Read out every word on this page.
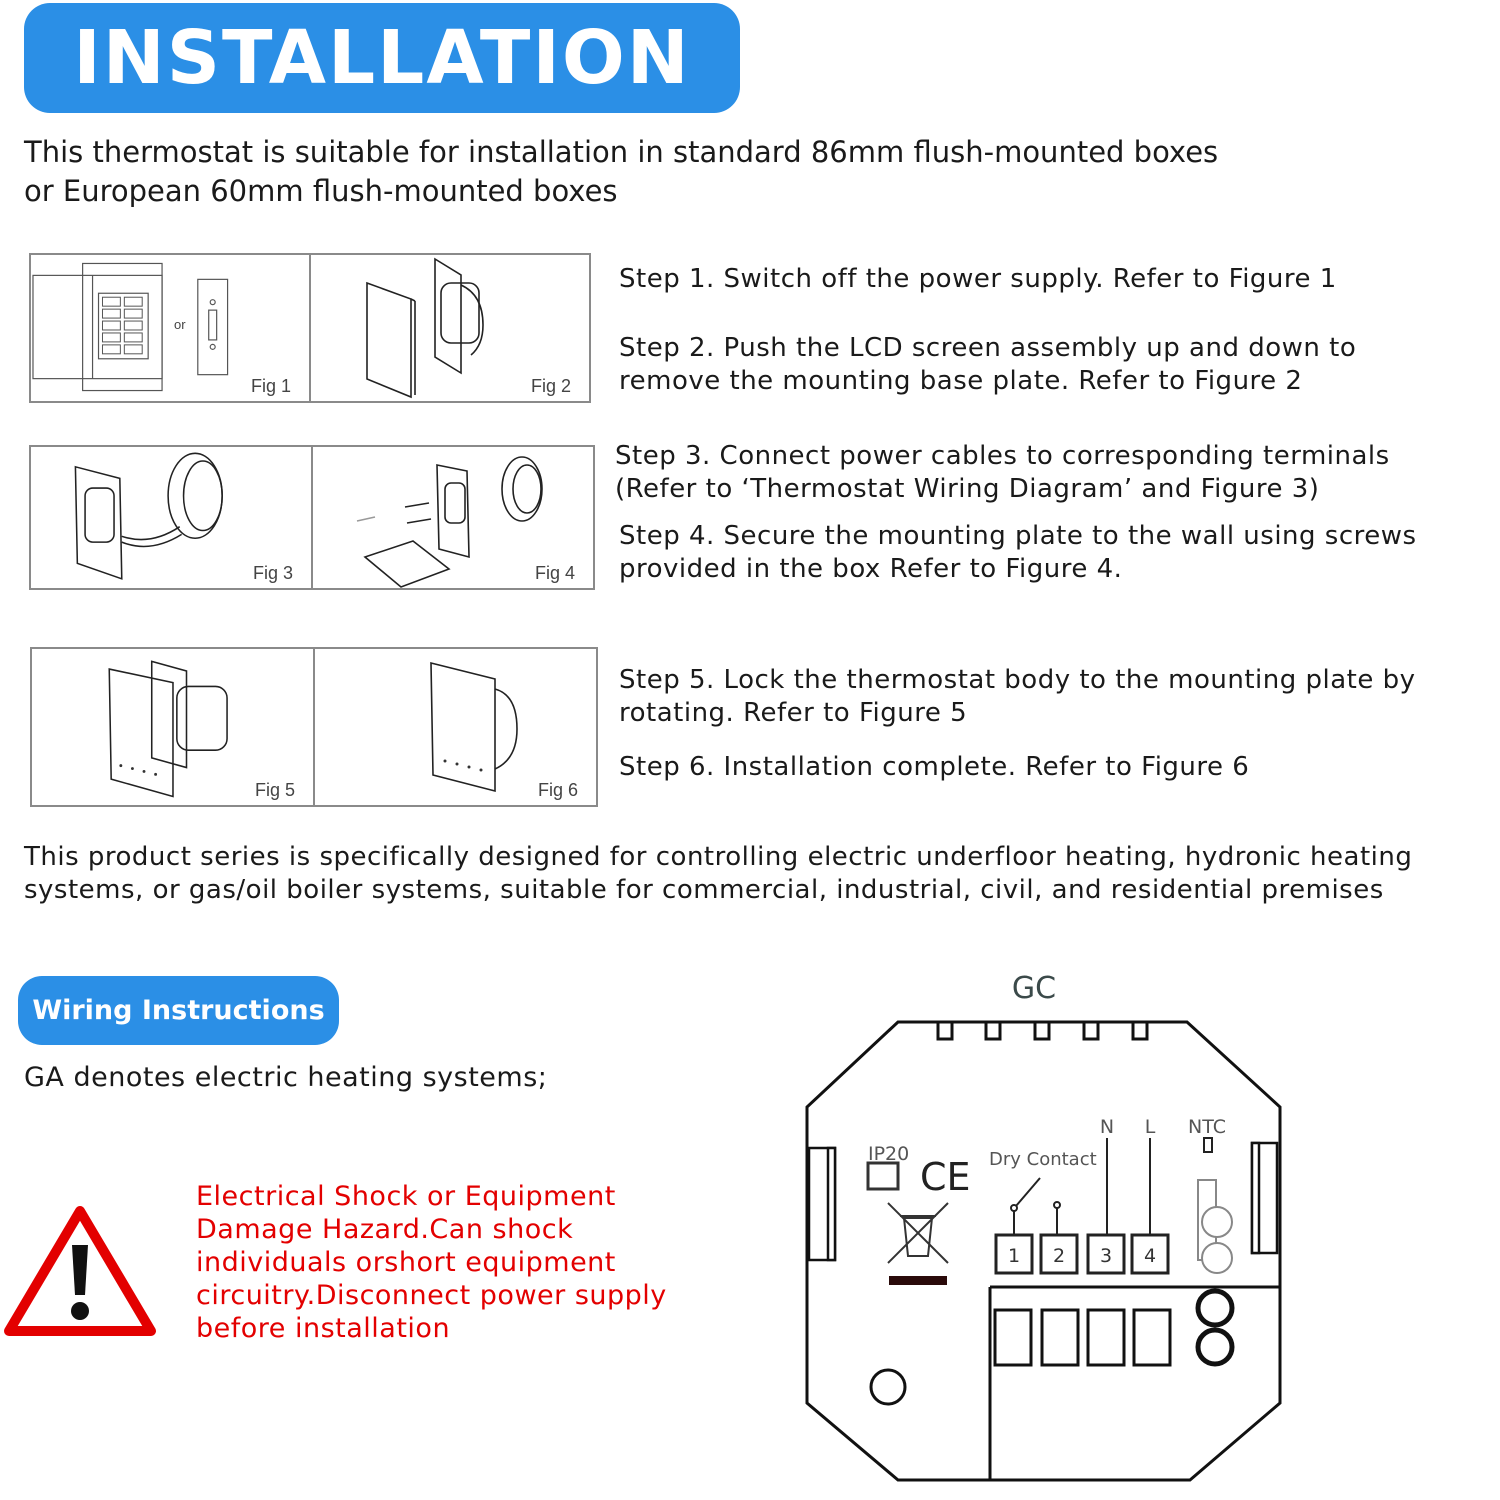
INSTALLATION
This thermostat is suitable for installation in standard 86mm flush-mounted boxes
or European 60mm flush-mounted boxes
or
Fig 1	Fig 2
Fig 3	Fig 4
Fig 5	Fig 6
Step 1. Switch off the power supply. Refer to Figure 1
Step 2. Push the LCD screen assembly up and down to
remove the mounting base plate. Refer to Figure 2
Step 3. Connect power cables to corresponding terminals
(Refer to ‘Thermostat Wiring Diagram’ and Figure 3)
Step 4. Secure the mounting plate to the wall using screws
provided in the box Refer to Figure 4.
Step 5. Lock the thermostat body to the mounting plate by
rotating. Refer to Figure 5
Step 6. Installation complete. Refer to Figure 6
This product series is specifically designed for controlling electric underfloor heating, hydronic heating
systems, or gas/oil boiler systems, suitable for commercial, industrial, civil, and residential premises
Wiring Instructions
GA denotes electric heating systems;
Electrical Shock or Equipment
Damage Hazard.Can shock
individuals orshort equipment
circuitry.Disconnect power supply
before installation
GC
IP20
CE Dry Contact
N L NTC
1 2 3 4
